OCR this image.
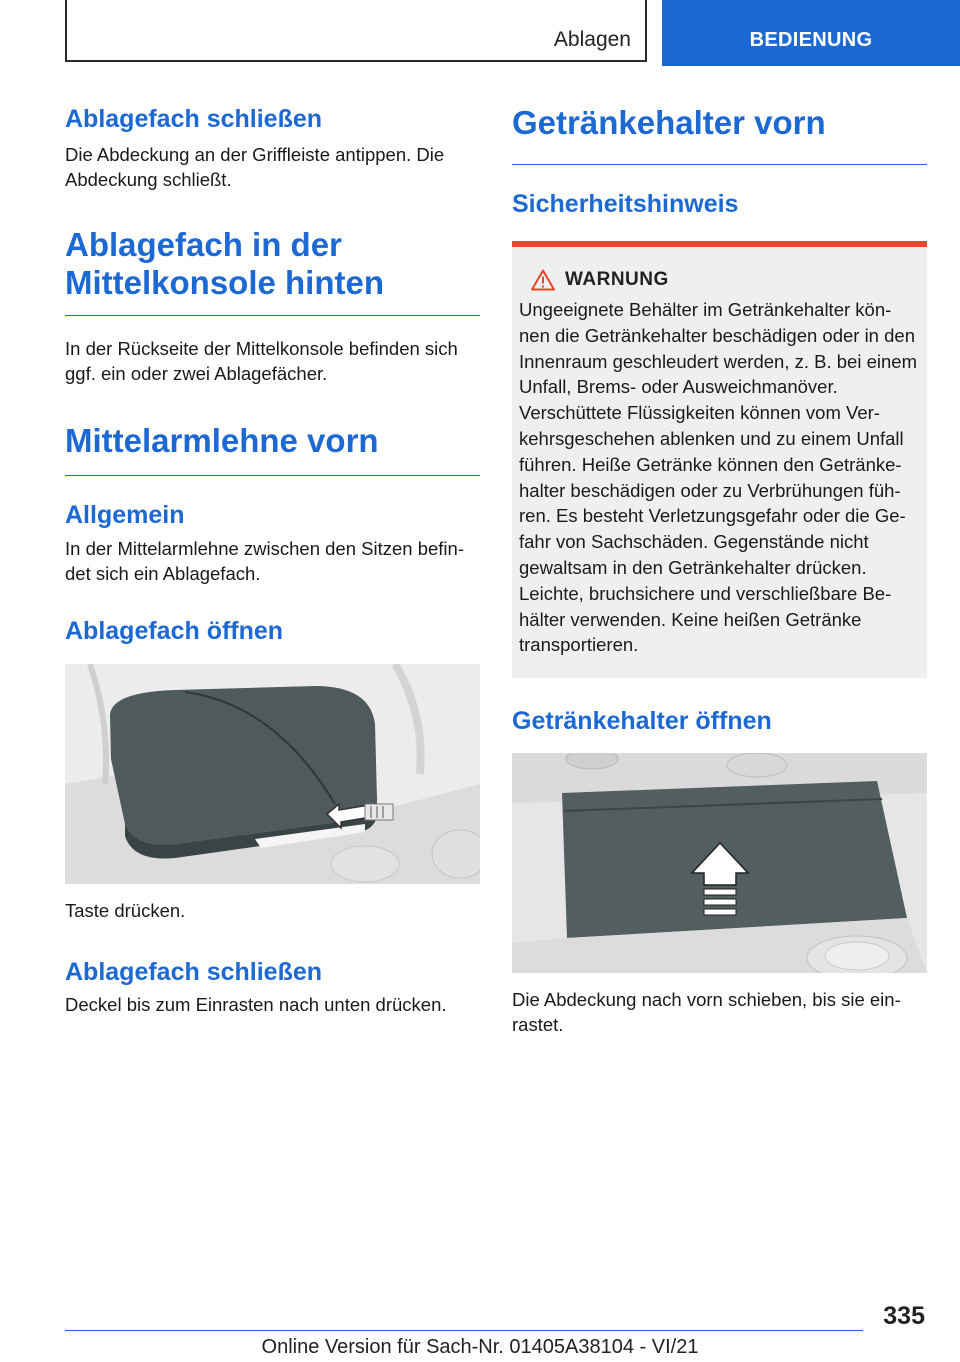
Ablagen	BEDIENUNG
Ablagefach schließen

Die Abdeckung an der Griffleiste antippen. Die Abdeckung schließt.

Ablagefach in der Mittelkonsole hinten

In der Rückseite der Mittelkonsole befinden sich ggf. ein oder zwei Ablagefächer.

Mittelarmlehne vorn
Allgemein

In der Mittelarmlehne zwischen den Sitzen befin‐ det sich ein Ablagefach.

Ablagefach öffnen

Taste drücken.

Ablagefach schließen

Deckel bis zum Einrasten nach unten drücken.

Getränkehalter vorn
Sicherheitshinweis
WARNUNG

Ungeeignete Behälter im Getränkehalter kön‐ nen die Getränkehalter beschädigen oder in den Innenraum geschleudert werden, z. B. bei einem Unfall, Brems- oder Ausweichmanöver. Verschüttete Flüssigkeiten können vom Ver‐ kehrsgeschehen ablenken und zu einem Unfall führen. Heiße Getränke können den Getränke‐ halter beschädigen oder zu Verbrühungen füh‐ ren. Es besteht Verletzungsgefahr oder die Ge‐ fahr von Sachschäden. Gegenstände nicht gewaltsam in den Getränkehalter drücken. Leichte, bruchsichere und verschließbare Be‐ hälter verwenden. Keine heißen Getränke transportieren.

Getränkehalter öffnen

Die Abdeckung nach vorn schieben, bis sie ein‐ rastet.

335
Online Version für Sach-Nr. 01405A38104 - VI/21
